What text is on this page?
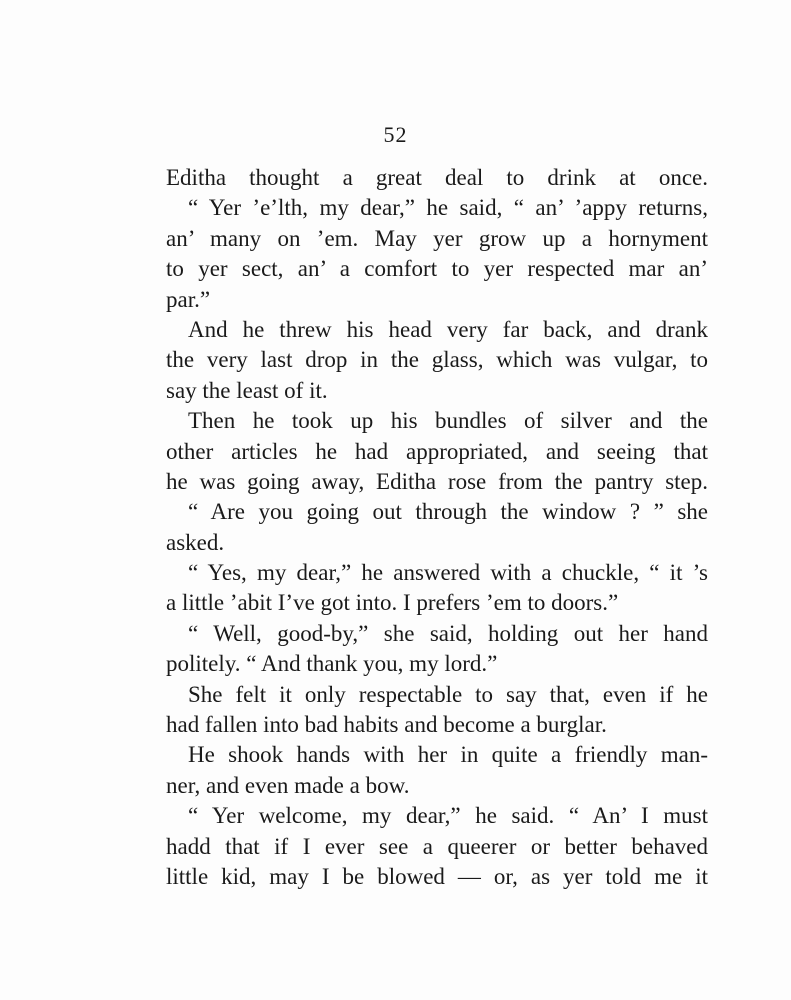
52
Editha thought a great deal to drink at once.
“ Yer ’e’lth, my dear,” he said, “ an’ ’appy returns,
an’ many on ’em. May yer grow up a hornyment
to yer sect, an’ a comfort to yer respected mar an’
par.”
And he threw his head very far back, and drank
the very last drop in the glass, which was vulgar, to
say the least of it.
Then he took up his bundles of silver and the
other articles he had appropriated, and seeing that
he was going away, Editha rose from the pantry step.
“ Are you going out through the window ? ” she
asked.
“ Yes, my dear,” he answered with a chuckle, “ it ’s
a little ’abit I’ve got into. I prefers ’em to doors.”
“ Well, good-by,” she said, holding out her hand
politely. “ And thank you, my lord.”
She felt it only respectable to say that, even if he
had fallen into bad habits and become a burglar.
He shook hands with her in quite a friendly man-
ner, and even made a bow.
“ Yer welcome, my dear,” he said. “ An’ I must
hadd that if I ever see a queerer or better behaved
little kid, may I be blowed — or, as yer told me it
